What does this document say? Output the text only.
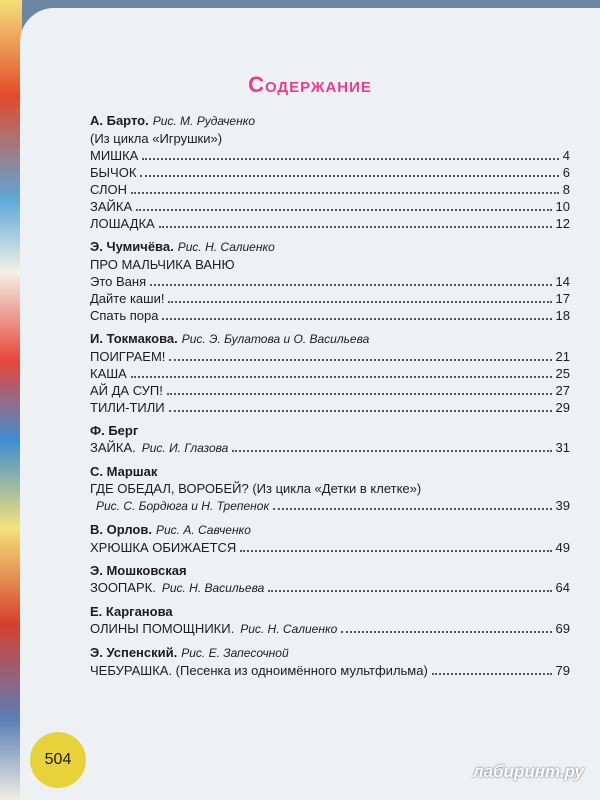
Содержание
А. Барто. Рис. М. Рудаченко
(Из цикла «Игрушки»)
МИШКА	4
БЫЧОК	6
СЛОН	8
ЗАЙКА	10
ЛОШАДКА	12
Э. Чумичёва. Рис. Н. Салиенко
ПРО МАЛЬЧИКА ВАНЮ
Это Ваня	14
Дайте каши!	17
Спать пора	18
И. Токмакова. Рис. Э. Булатова и О. Васильева
ПОИГРАЕМ!	21
КАША	25
АЙ ДА СУП!	27
ТИЛИ-ТИЛИ	29
Ф. Берг
ЗАЙКА. Рис. И. Глазова	31
С. Маршак
ГДЕ ОБЕДАЛ, ВОРОБЕЙ? (Из цикла «Детки в клетке»)
Рис. С. Бордюга и Н. Трепенок	39
В. Орлов. Рис. А. Савченко
ХРЮШКА ОБИЖАЕТСЯ	49
Э. Мошковская
ЗООПАРК. Рис. Н. Васильева	64
Е. Карганова
ОЛИНЫ ПОМОЩНИКИ. Рис. Н. Салиенко	69
Э. Успенский. Рис. Е. Запесочной
ЧЕБУРАШКА. (Песенка из одноимённого мультфильма)	79
504
лабиринт.ру
